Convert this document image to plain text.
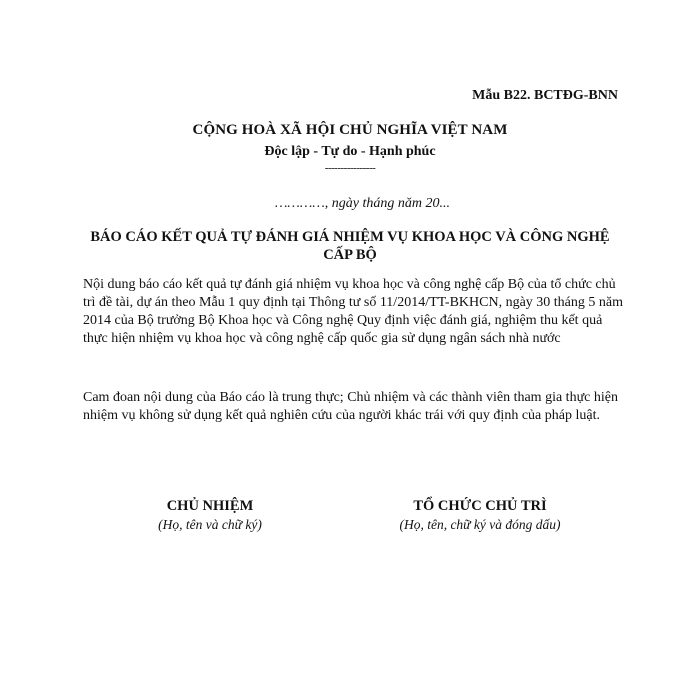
Mẫu B22. BCTĐG-BNN
CỘNG HOÀ XÃ HỘI CHỦ NGHĨA VIỆT NAM
Độc lập - Tự do - Hạnh phúc
----------------
…………, ngày tháng năm 20...
BÁO CÁO KẾT QUẢ TỰ ĐÁNH GIÁ NHIỆM VỤ KHOA HỌC VÀ CÔNG NGHỆ CẤP BỘ
Nội dung báo cáo kết quả tự đánh giá nhiệm vụ khoa học và công nghệ cấp Bộ của tổ chức chủ trì đề tài, dự án theo Mẫu 1 quy định tại Thông tư số 11/2014/TT-BKHCN, ngày 30 tháng 5 năm 2014 của Bộ trưởng Bộ Khoa học và Công nghệ Quy định việc đánh giá, nghiệm thu kết quả thực hiện nhiệm vụ khoa học và công nghệ cấp quốc gia sử dụng ngân sách nhà nước
Cam đoan nội dung của Báo cáo là trung thực; Chủ nhiệm và các thành viên tham gia thực hiện nhiệm vụ không sử dụng kết quả nghiên cứu của người khác trái với quy định của pháp luật.
CHỦ NHIỆM
(Họ, tên và chữ ký)
TỔ CHỨC CHỦ TRÌ
(Họ, tên, chữ ký và đóng dấu)
